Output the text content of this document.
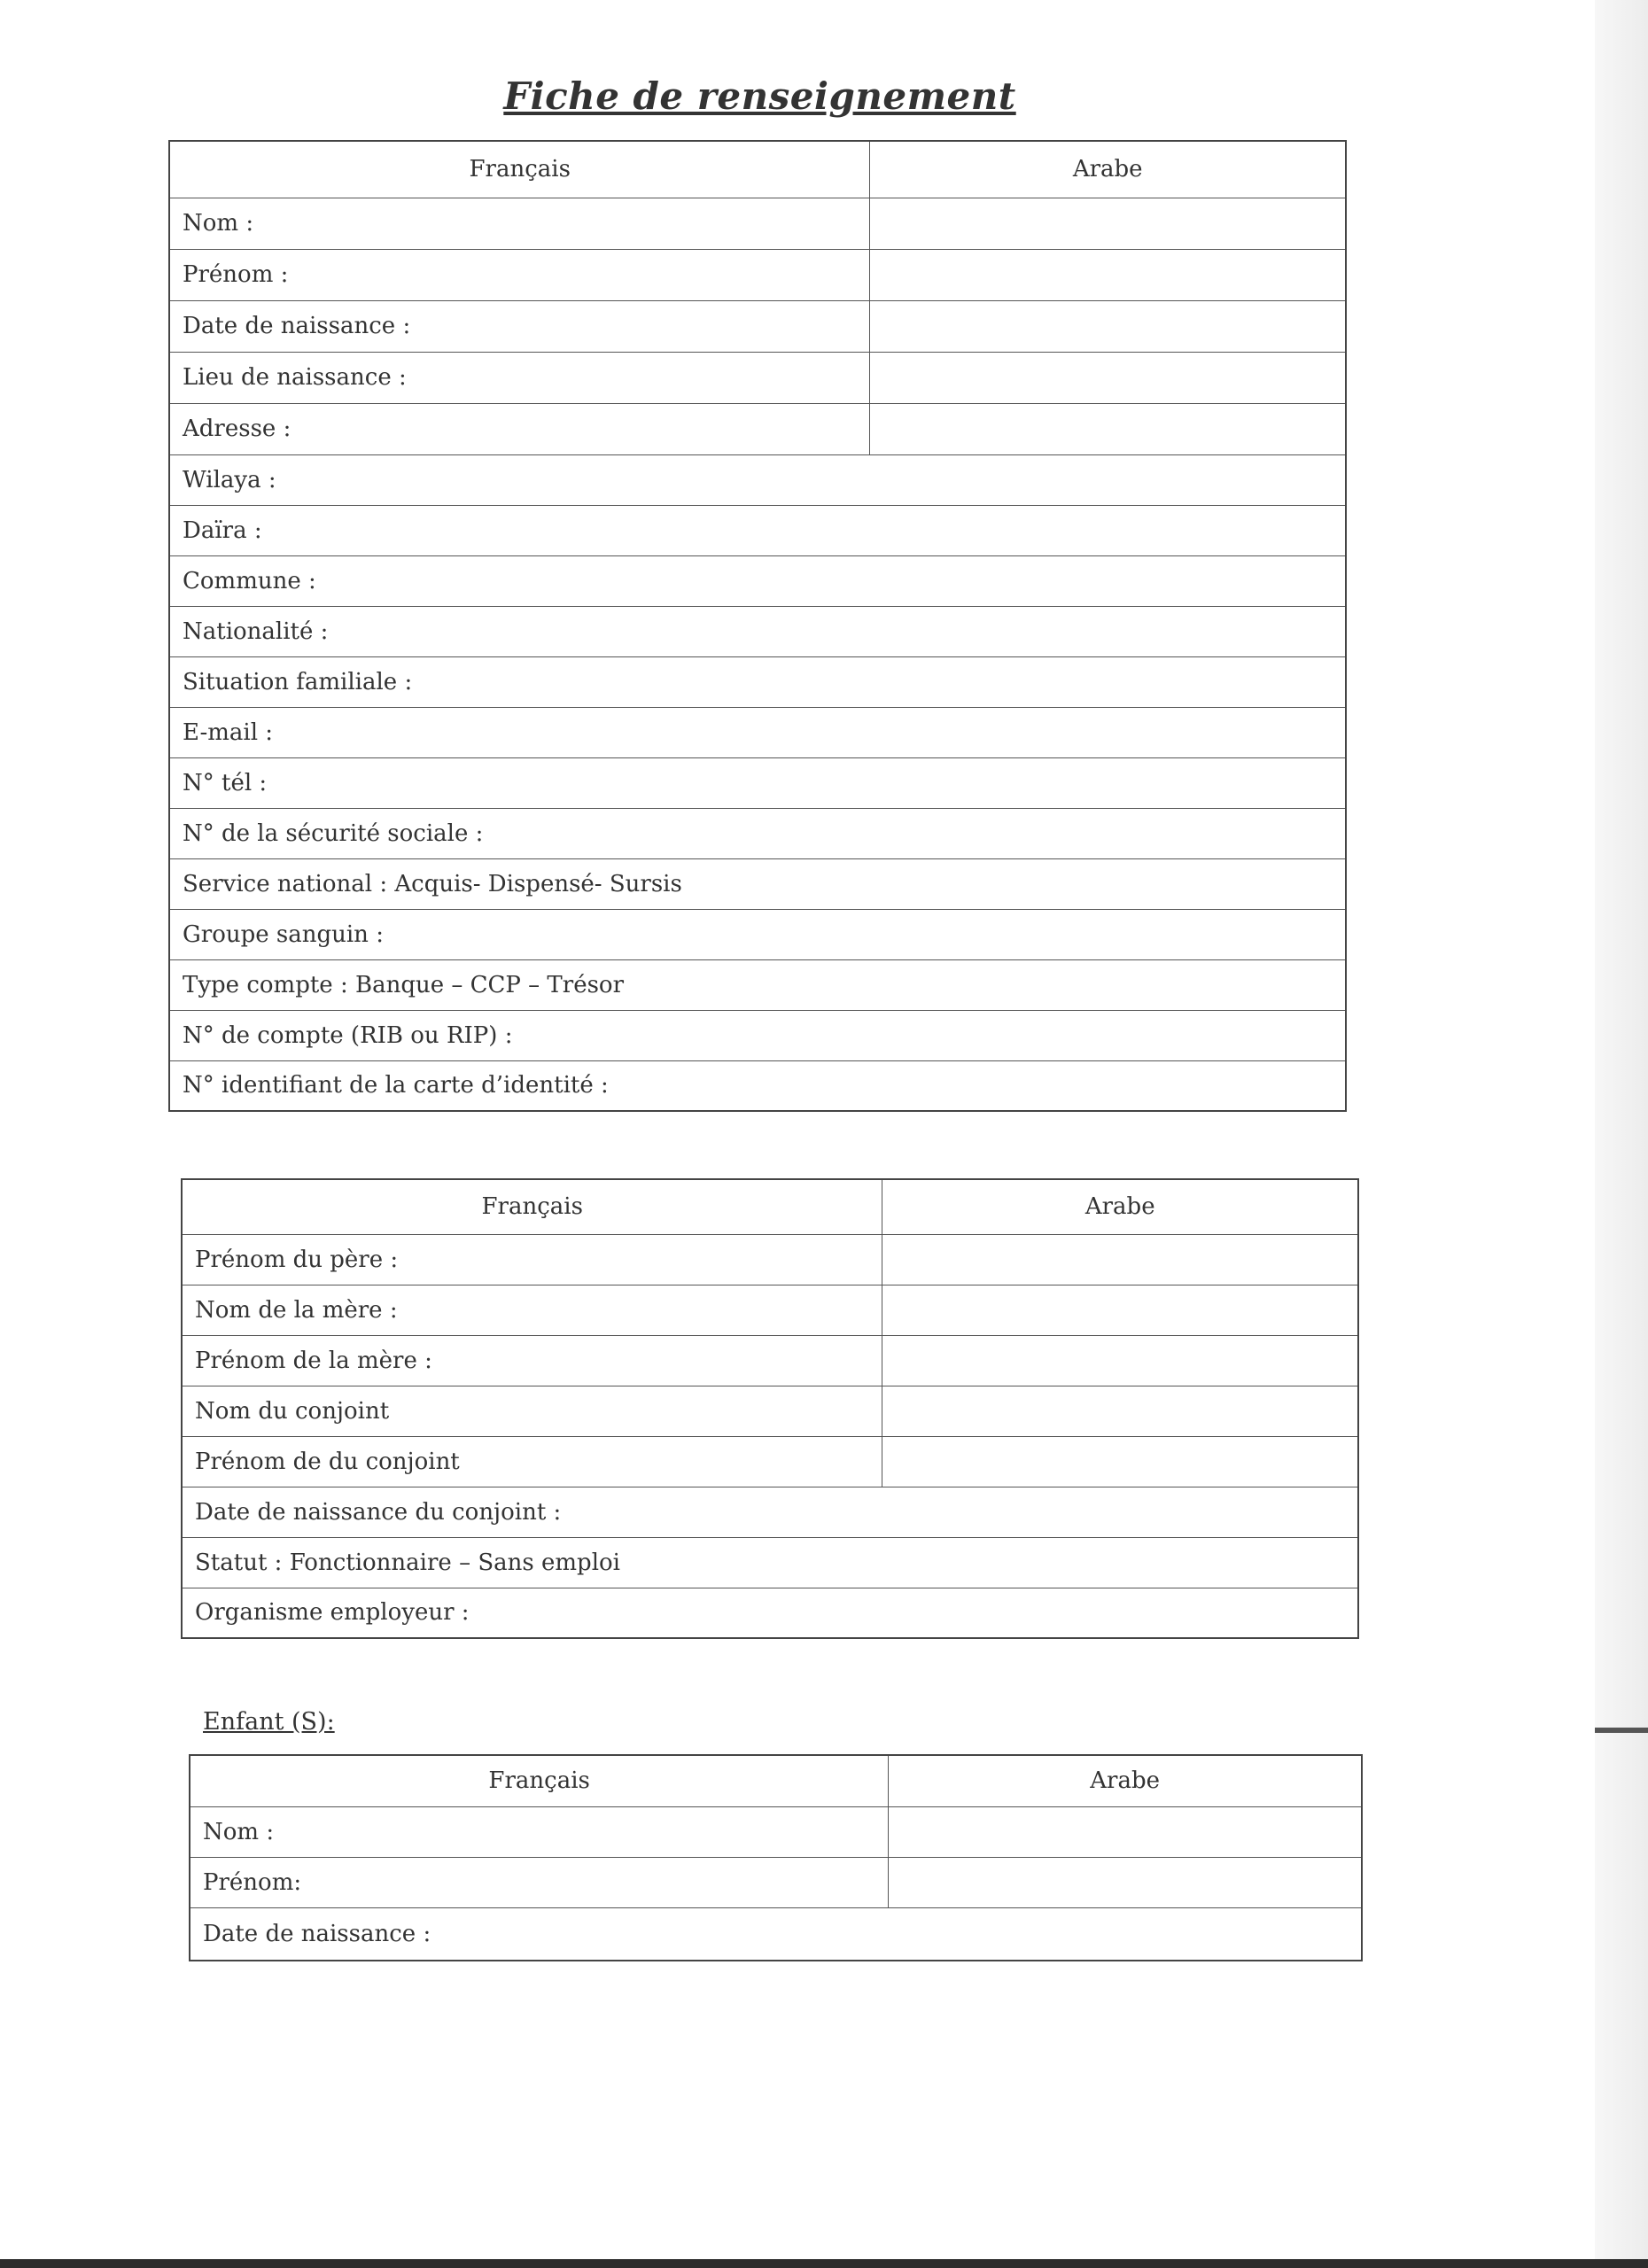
Fiche de renseignement
Français	Arabe
Nom :	
Prénom :	
Date de naissance :	
Lieu de naissance :	
Adresse :	
Wilaya :	
Daïra :	
Commune :	
Nationalité :	
Situation familiale :	
E-mail :	
N° tél :	
N° de la sécurité sociale :	
Service national : Acquis- Dispensé- Sursis	
Groupe sanguin :	
Type compte : Banque – CCP – Trésor	
N° de compte (RIB ou RIP) :	
N° identifiant de la carte d’identité :	
Français	Arabe
Prénom du père :	
Nom de la mère :	
Prénom de la mère :	
Nom du conjoint	
Prénom de du conjoint	
Date de naissance du conjoint :	
Statut : Fonctionnaire – Sans emploi	
Organisme employeur :	
Enfant (S):
Français	Arabe
Nom :	
Prénom:	
Date de naissance :	
